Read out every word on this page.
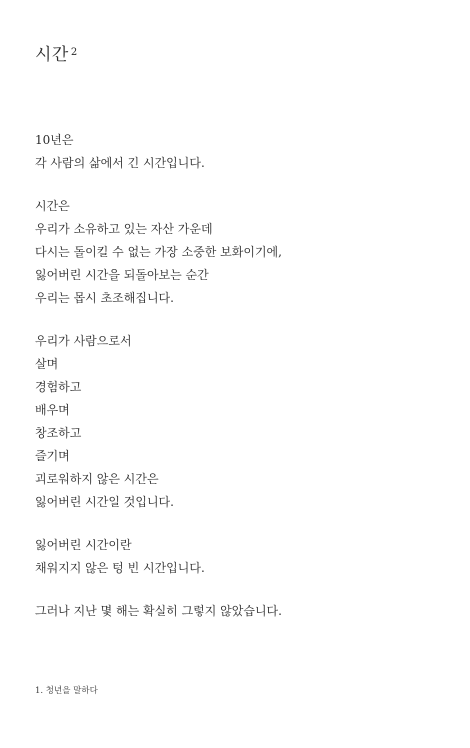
시간 $^2$
10년은
각 사람의 삶에서 긴 시간입니다.
시간은
우리가 소유하고 있는 자산 가운데
다시는 돌이킬 수 없는 가장 소중한 보화이기에,
잃어버린 시간을 되돌아보는 순간
우리는 몹시 초조해집니다.
우리가 사람으로서
살며
경험하고
배우며
창조하고
즐기며
괴로워하지 않은 시간은
잃어버린 시간일 것입니다.
잃어버린 시간이란
채워지지 않은 텅 빈 시간입니다.
그러나 지난 몇 해는 확실히 그렇지 않았습니다.
1. 청년을 말하다
